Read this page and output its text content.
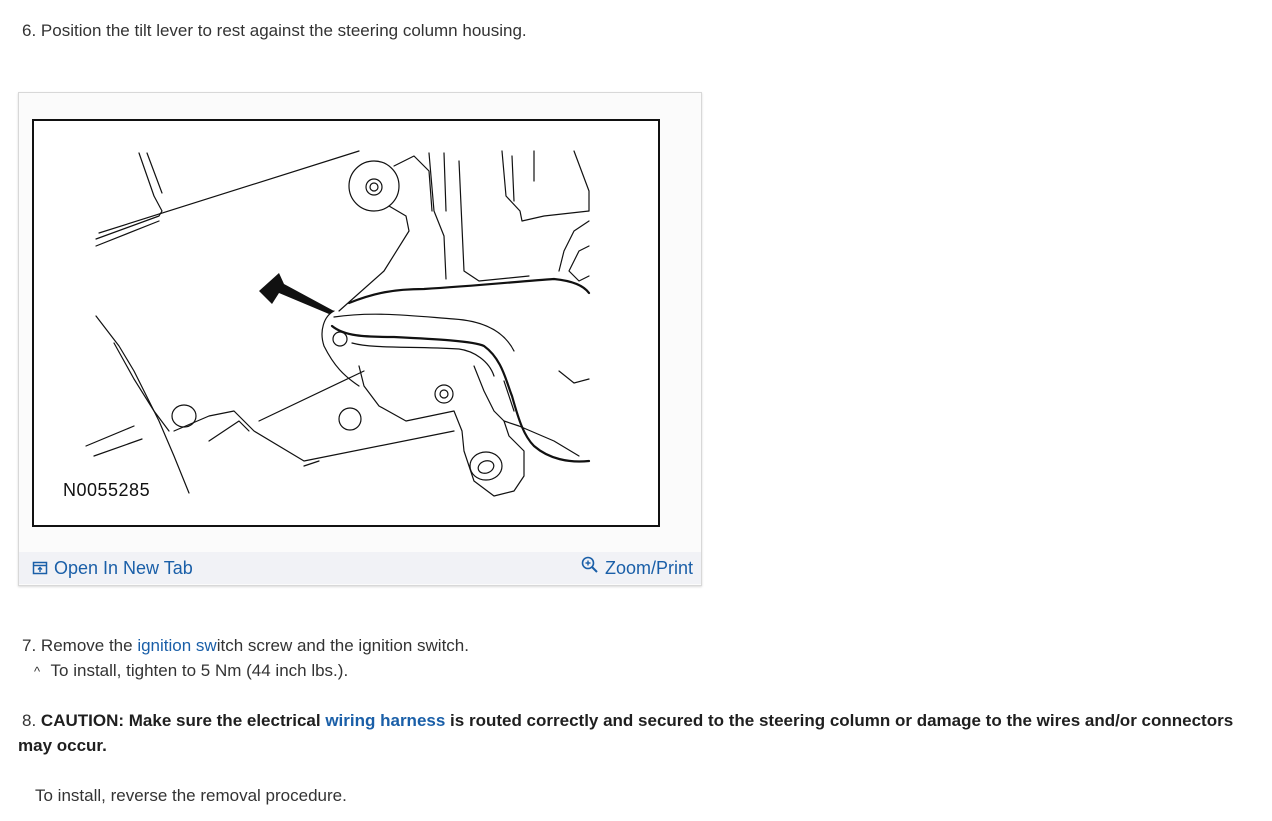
6. Position the tilt lever to rest against the steering column housing.
N0055285
Open In New Tab	Zoom/Print
7. Remove the ignition switch screw and the ignition switch.
^ To install, tighten to 5 Nm (44 inch lbs.).
8. CAUTION: Make sure the electrical wiring harness is routed correctly and secured to the steering column or damage to the wires and/or connectors may occur.
To install, reverse the removal procedure.
